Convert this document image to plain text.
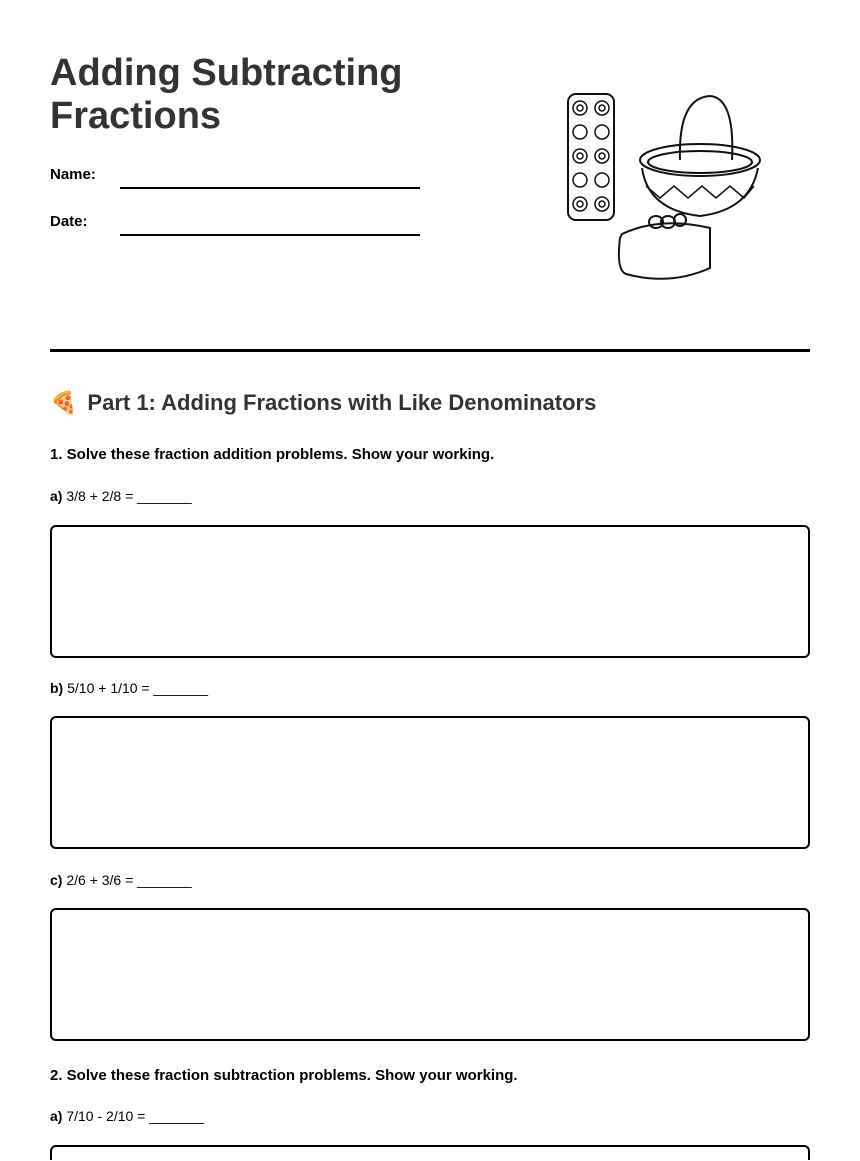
Adding Subtracting Fractions
Name:
Date:
🍕 Part 1: Adding Fractions with Like Denominators
1. Solve these fraction addition problems. Show your working.
a) 3/8 + 2/8 = _______
b) 5/10 + 1/10 = _______
c) 2/6 + 3/6 = _______
2. Solve these fraction subtraction problems. Show your working.
a) 7/10 - 2/10 = _______
